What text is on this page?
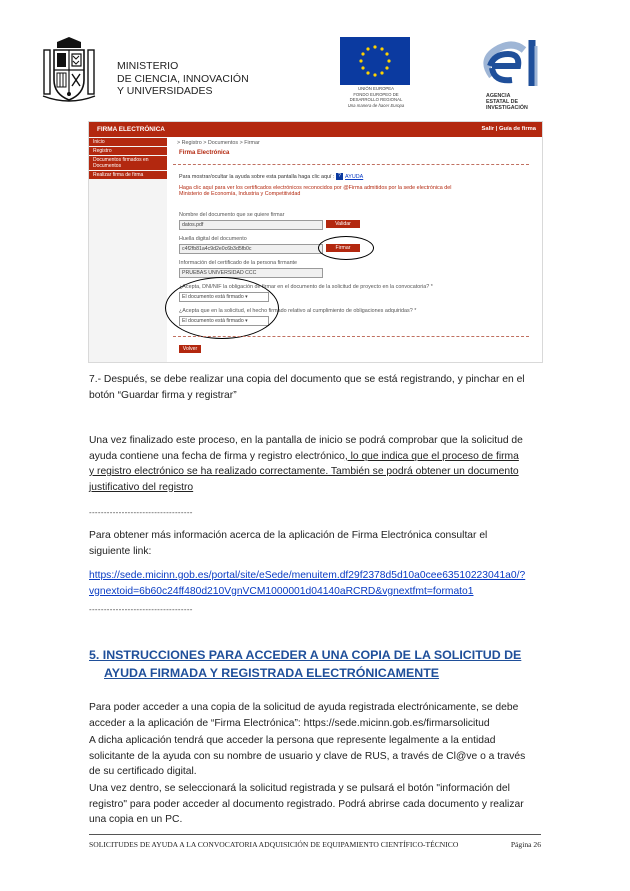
MINISTERIO
DE CIENCIA, INNOVACIÓN
Y UNIVERSIDADES	UNIÓN EUROPEA
FONDO EUROPEO DE
DESARROLLO REGIONAL
Una manera de hacer Europa
AGENCIA
ESTATAL DE
INVESTIGACIÓN
FIRMA ELECTRÓNICA	Salir | Guía de firma
Inicio
Registro
Documentos firmados en Documentos
Realizar firma de firma
> Registro > Documentos > Firmar
Firma Electrónica
Para mostrar/ocultar la ayuda sobre esta pantalla haga clic aquí : ? AYUDA
Haga clic aquí para ver los certificados electrónicos reconocidos por @Firma admitidos por la sede electrónica del
Ministerio de Economía, Industria y Competitividad
Nombre del documento que se quiere firmar
datos.pdf	Validar
Huella digital del documento
c4f2fb81a4c9d2e0c6b3d5fb0c	Firmar
Información del certificado de la persona firmante
PRUEBAS UNIVERSIDAD CCC
¿Acepta, DNI/NIF la obligación de firmar en el documento de la solicitud de proyecto en la convocatoria? *
El documento está firmado ▾
¿Acepta que en la solicitud, el hecho firmado relativo al cumplimiento de obligaciones adquiridas? *
El documento está firmado ▾
Volver
7.- Después, se debe realizar una copia del documento que se está registrando, y pinchar en el
botón “Guardar firma y registrar”
Una vez finalizado este proceso, en la pantalla de inicio se podrá comprobar que la solicitud de
ayuda contiene una fecha de firma y registro electrónico, lo que indica que el proceso de firma
y registro electrónico se ha realizado correctamente. También se podrá obtener un documento
justificativo del registro
-----------------------------------
Para obtener más información acerca de la aplicación de Firma Electrónica consultar el
siguiente link:
https://sede.micinn.gob.es/portal/site/eSede/menuitem.df29f2378d5d10a0cee63510223041a0/?
vgnextoid=6b60c24ff480d210VgnVCM1000001d04140aRCRD&vgnextfmt=formato1
-----------------------------------
5. INSTRUCCIONES PARA ACCEDER A UNA COPIA DE LA SOLICITUD DE
AYUDA FIRMADA Y REGISTRADA ELECTRÓNICAMENTE
Para poder acceder a una copia de la solicitud de ayuda registrada electrónicamente, se debe
acceder a la aplicación de “Firma Electrónica”: https://sede.micinn.gob.es/firmarsolicitud
A dicha aplicación tendrá que acceder la persona que represente legalmente a la entidad
solicitante de la ayuda con su nombre de usuario y clave de RUS, a través de Cl@ve o a través
de su certificado digital.
Una vez dentro, se seleccionará la solicitud registrada y se pulsará el botón "información del
registro" para poder acceder al documento registrado. Podrá abrirse cada documento y realizar
una copia en un PC.
SOLICITUDES DE AYUDA A LA CONVOCATORIA ADQUISICIÓN DE EQUIPAMIENTO CIENTÍFICO-TÉCNICO	Página 26
